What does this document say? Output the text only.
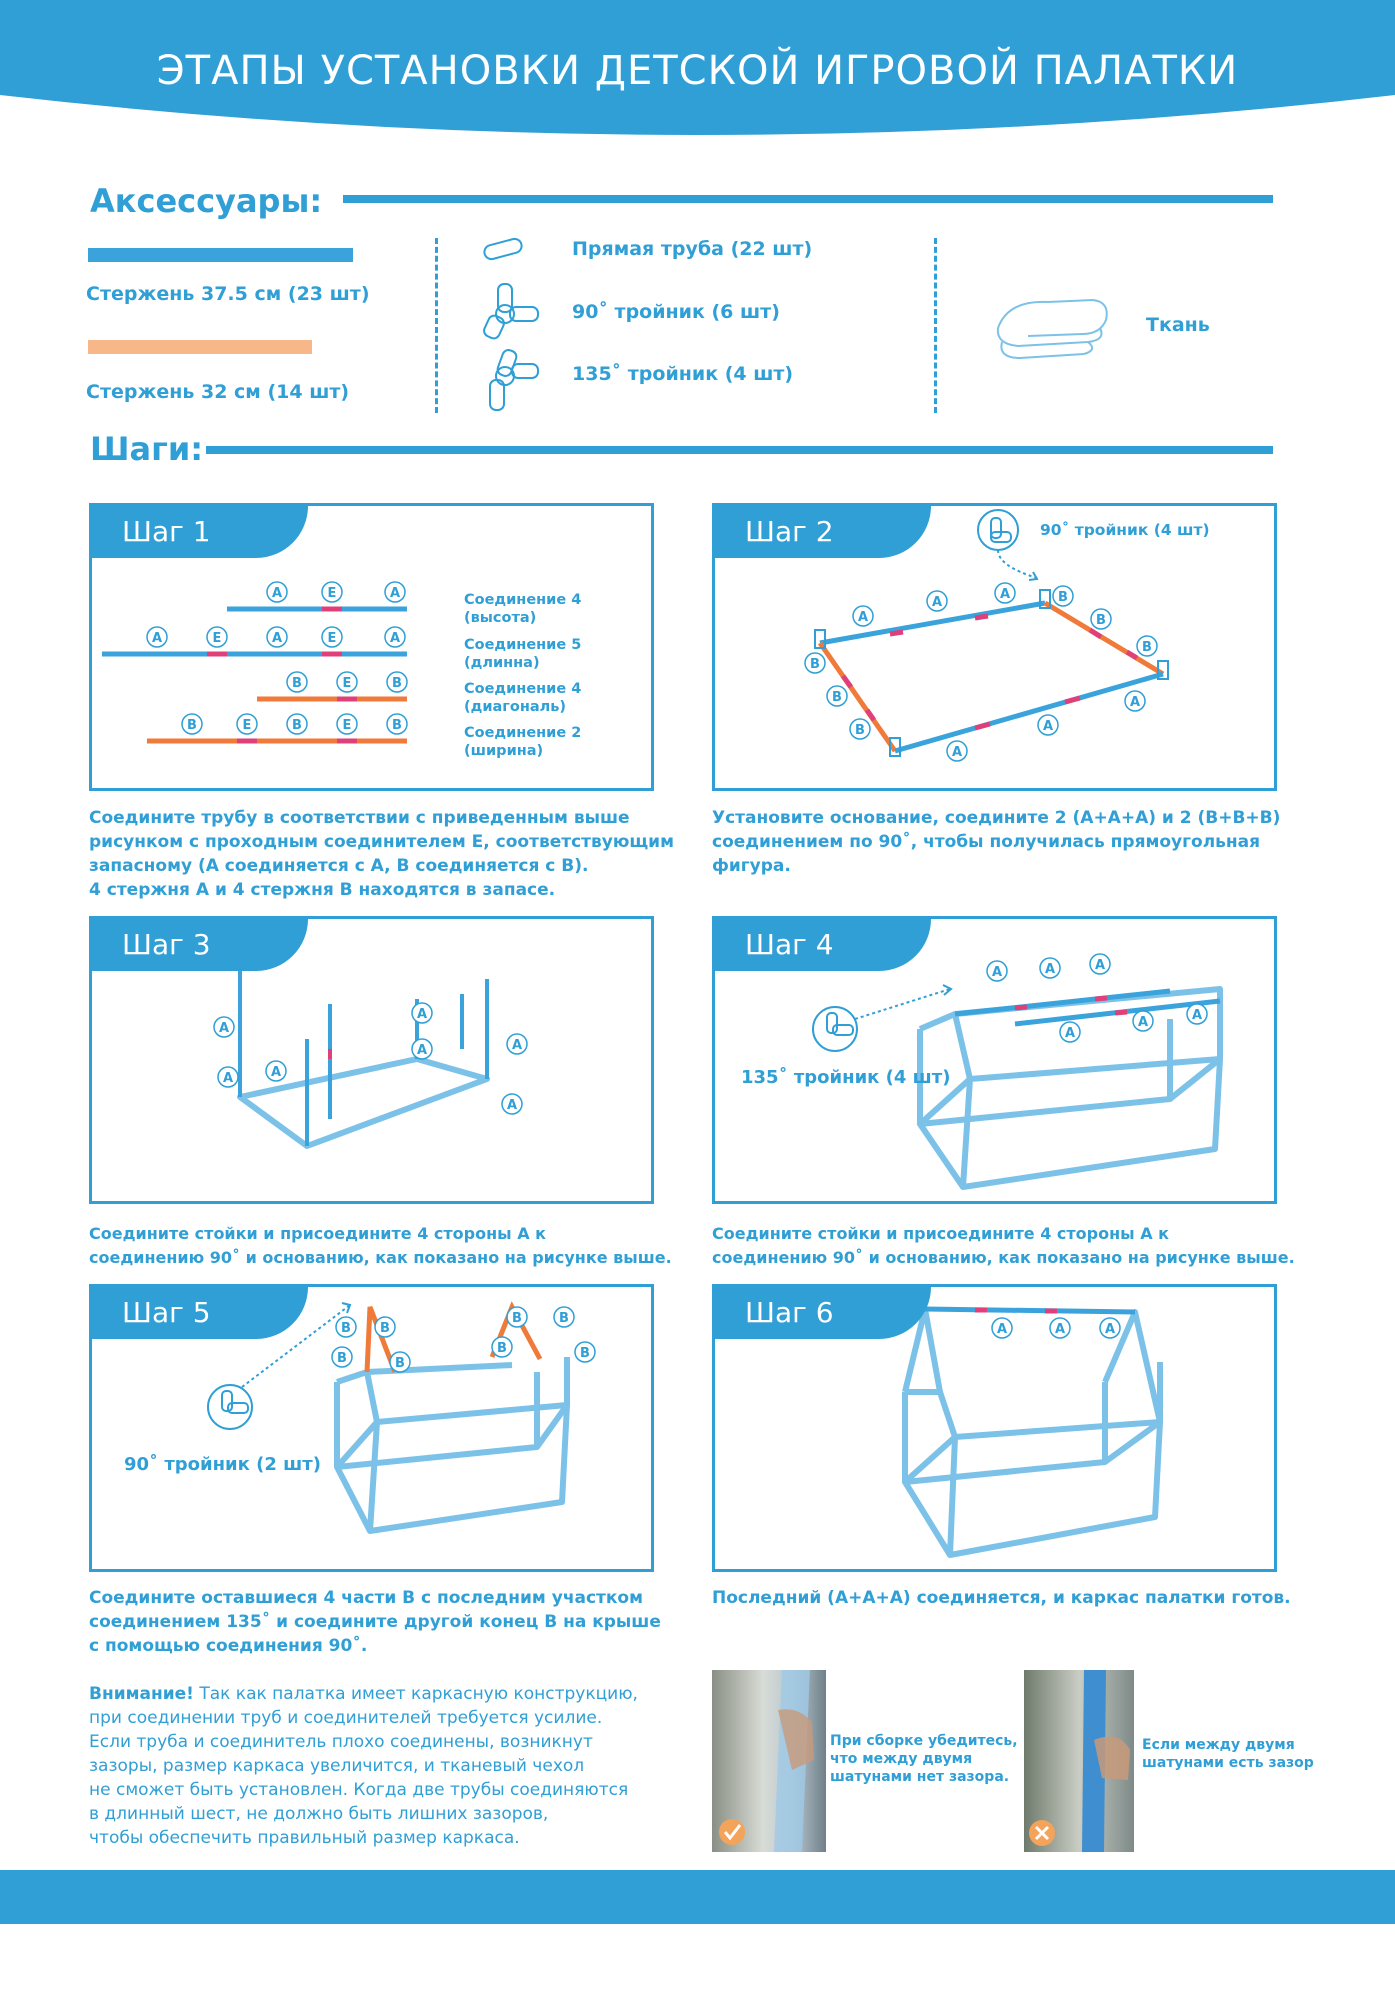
ЭТАПЫ УСТАНОВКИ ДЕТСКОЙ ИГРОВОЙ ПАЛАТКИ
Аксессуары:
Стержень 37.5 см (23 шт)
Стержень 32 см (14 шт)
Прямая труба (22 шт)
90˚ тройник (6 шт)
135˚ тройник (4 шт)
Ткань
Шаги:
A	E	A
A	E	A	E	A
B	E	B
B	E	B	E	B
Шаг 1
Соединение 4
(высота)
Соединение 5
(длинна)
Соединение 4
(диагональ)
Соединение 2
(ширина)
Соедините трубу в соответствии с приведенным выше
рисунком с проходным соединителем E, соответствующим
запасному (A соединяется с A, B соединяется с B).
4 стержня A и 4 стержня B находятся в запасе.
A
A
A	B
B
B
B
B
B
A
A
A
Шаг 2	90˚ тройник (4 шт)
Установите основание, соедините 2 (A+A+A) и 2 (B+B+B)
соединением по 90˚, чтобы получилась прямоугольная
фигура.
A
A	A
A
A	A
A
Шаг 3
Соедините стойки и присоедините 4 стороны A к
соединению 90˚ и основанию, как показано на рисунке выше.
A	A	A
A
A	A
Шаг 4
135˚ тройник (4 шт)
Соедините стойки и присоедините 4 стороны A к
соединению 90˚ и основанию, как показано на рисунке выше.
B B
B	B
B	B
B	B
Шаг 5
90˚ тройник (2 шт)
Соедините оставшиеся 4 части B с последним участком
соединением 135˚ и соедините другой конец B на крыше
с помощью соединения 90˚.
A	A	A
Шаг 6
Последний (A+A+A) соединяется, и каркас палатки готов.
Внимание! Так как палатка имеет каркасную конструкцию,
при соединении труб и соединителей требуется усилие.
Если труба и соединитель плохо соединены, возникнут
зазоры, размер каркаса увеличится, и тканевый чехол
не сможет быть установлен. Когда две трубы соединяются
в длинный шест, не должно быть лишних зазоров,
чтобы обеспечить правильный размер каркаса.
При сборке убедитесь,
что между двумя
шатунами нет зазора.
Если между двумя
шатунами есть зазор
